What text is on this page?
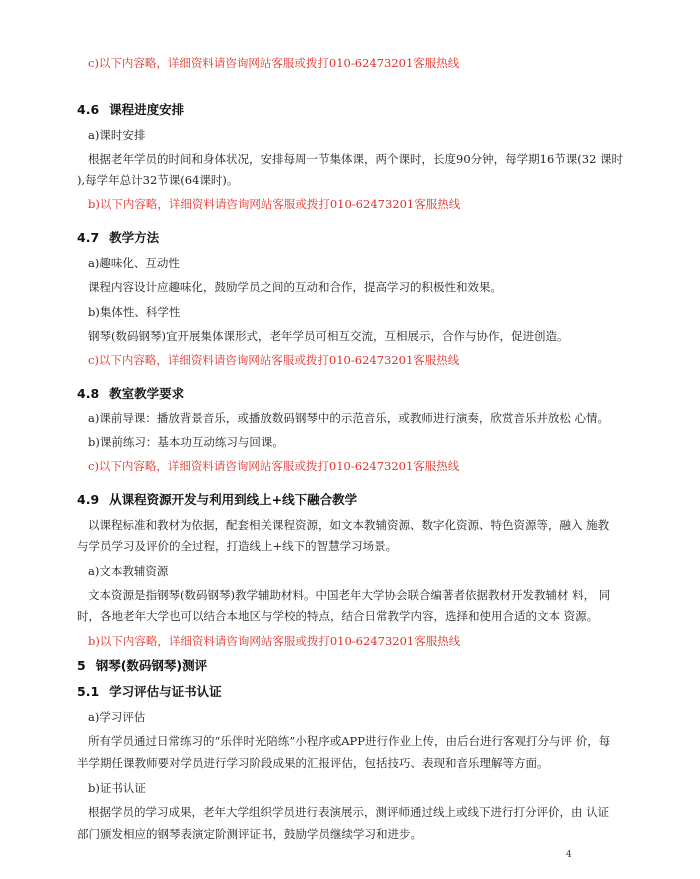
c)以下内容略，详细资料请咨询网站客服或拨打010-62473201客服热线
4.6 课程进度安排
a)课时安排
根据老年学员的时间和身体状况，安排每周一节集体课，两个课时，长度90分钟，每学期16节课(32 课时
),每学年总计32节课(64课时)。
b)以下内容略，详细资料请咨询网站客服或拨打010-62473201客服热线
4.7 教学方法
a)趣味化、互动性
课程内容设计应趣味化，鼓励学员之间的互动和合作，提高学习的积极性和效果。
b)集体性、科学性
钢琴(数码钢琴)宜开展集体课形式，老年学员可相互交流，互相展示，合作与协作，促进创造。
c)以下内容略，详细资料请咨询网站客服或拨打010-62473201客服热线
4.8 教室教学要求
a)课前导课：播放背景音乐，或播放数码钢琴中的示范音乐，或教师进行演奏，欣赏音乐并放松 心情。
b)课前练习：基本功互动练习与回课。
c)以下内容略，详细资料请咨询网站客服或拨打010-62473201客服热线
4.9 从课程资源开发与利用到线上+线下融合教学
以课程标准和教材为依据，配套相关课程资源，如文本教辅资源、数字化资源、特色资源等，融入 施教
与学员学习及评价的全过程，打造线上+线下的智慧学习场景。
a)文本教辅资源
文本资源是指钢琴(数码钢琴)教学辅助材料。中国老年大学协会联合编著者依据教材开发教辅材 料， 同
时，各地老年大学也可以结合本地区与学校的特点，结合日常教学内容，选择和使用合适的文本 资源。
b)以下内容略，详细资料请咨询网站客服或拨打010-62473201客服热线
5 钢琴(数码钢琴)测评
5.1 学习评估与证书认证
a)学习评估
所有学员通过日常练习的“乐伴时光陪练”小程序或APP进行作业上传，由后台进行客观打分与评 价，每
半学期任课教师要对学员进行学习阶段成果的汇报评估，包括技巧、表现和音乐理解等方面。
b)证书认证
根据学员的学习成果，老年大学组织学员进行表演展示，测评师通过线上或线下进行打分评价，由 认证
部门颁发相应的钢琴表演定阶测评证书，鼓励学员继续学习和进步。
4
